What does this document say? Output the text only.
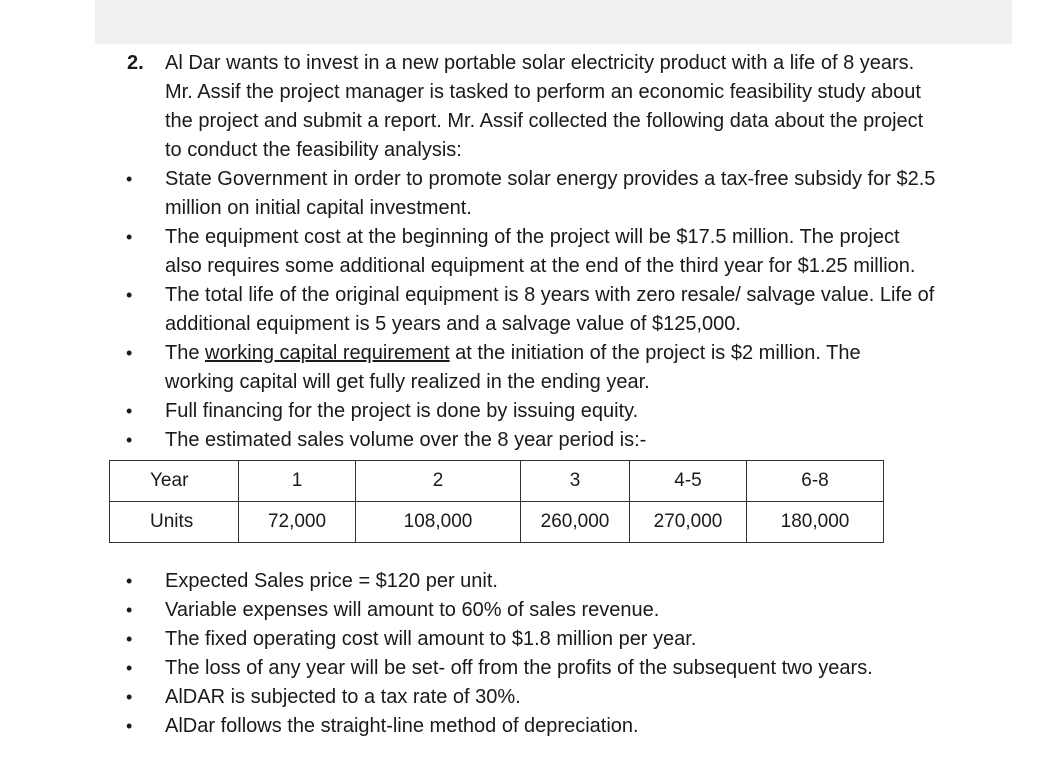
2. Al Dar wants to invest in a new portable solar electricity product with a life of 8 years.
Mr. Assif the project manager is tasked to perform an economic feasibility study about
the project and submit a report. Mr. Assif collected the following data about the project
to conduct the feasibility analysis:
• State Government in order to promote solar energy provides a tax-free subsidy for $2.5
million on initial capital investment.
• The equipment cost at the beginning of the project will be $17.5 million. The project
also requires some additional equipment at the end of the third year for $1.25 million.
• The total life of the original equipment is 8 years with zero resale/ salvage value. Life of
additional equipment is 5 years and a salvage value of $125,000.
• The working capital requirement at the initiation of the project is $2 million. The
working capital will get fully realized in the ending year.
• Full financing for the project is done by issuing equity.
• The estimated sales volume over the 8 year period is:-
Year	1	2	3	4-5	6-8
Units	72,000	108,000	260,000	270,000	180,000
• Expected Sales price = $120 per unit.
• Variable expenses will amount to 60% of sales revenue.
• The fixed operating cost will amount to $1.8 million per year.
• The loss of any year will be set- off from the profits of the subsequent two years.
• AlDAR is subjected to a tax rate of 30%.
• AlDar follows the straight-line method of depreciation.
